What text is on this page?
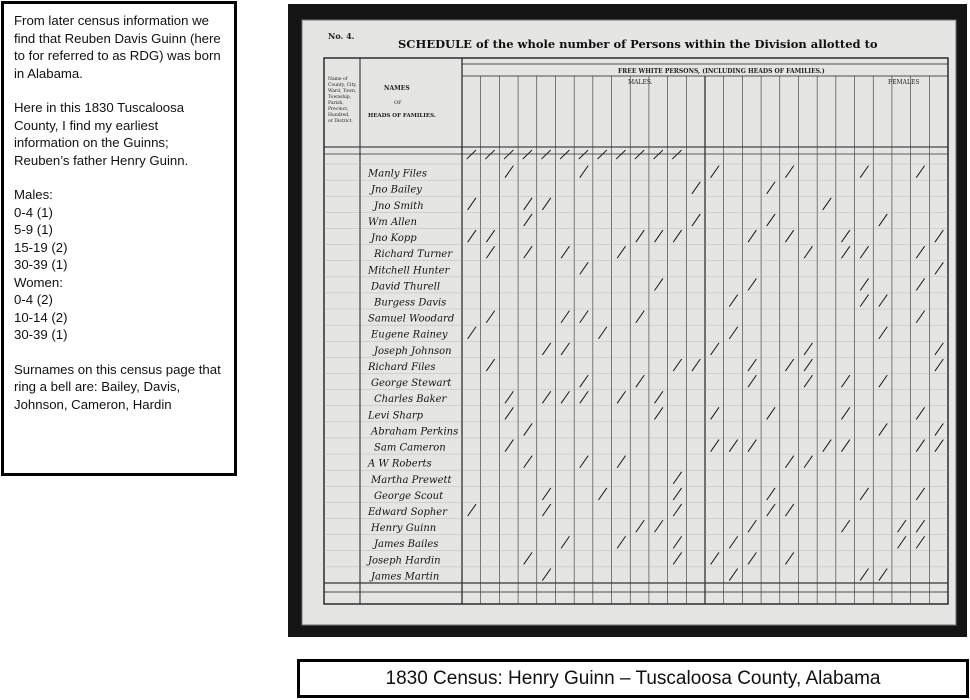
From later census information we find that Reuben Davis Guinn (here to for referred to as RDG) was born in Alabama.

Here in this 1830 Tuscaloosa County, I find my earliest information on the Guinns; Reuben’s father Henry Guinn.

Males:

0-4 (1)

5-9 (1)

15-19 (2)

30-39 (1)

Women:

0-4 (2)

10-14 (2)

30-39 (1)

Surnames on this census page that ring a bell are: Bailey, Davis, Johnson, Cameron, Hardin

No. 4.
SCHEDULE of the whole number of Persons within the Division allotted to
FREE WHITE PERSONS, (INCLUDING HEADS OF FAMILIES.)
MALES.	FEMALES
Name of County, City, Ward, Town, Township, Parish, Precinct, Hundred, or District.
NAMES
OF
HEADS OF FAMILIES.
Manly Files
Jno Bailey
Jno Smith
Wm Allen
Jno Kopp
Richard Turner
Mitchell Hunter
David Thurell
Burgess Davis
Samuel Woodard
Eugene Rainey
Joseph Johnson
Richard Files
George Stewart
Charles Baker
Levi Sharp
Abraham Perkins
Sam Cameron
A W Roberts
Martha Prewett
George Scout
Edward Sopher
Henry Guinn
James Bailes
Joseph Hardin
James Martin
1830 Census: Henry Guinn – Tuscaloosa County, Alabama
